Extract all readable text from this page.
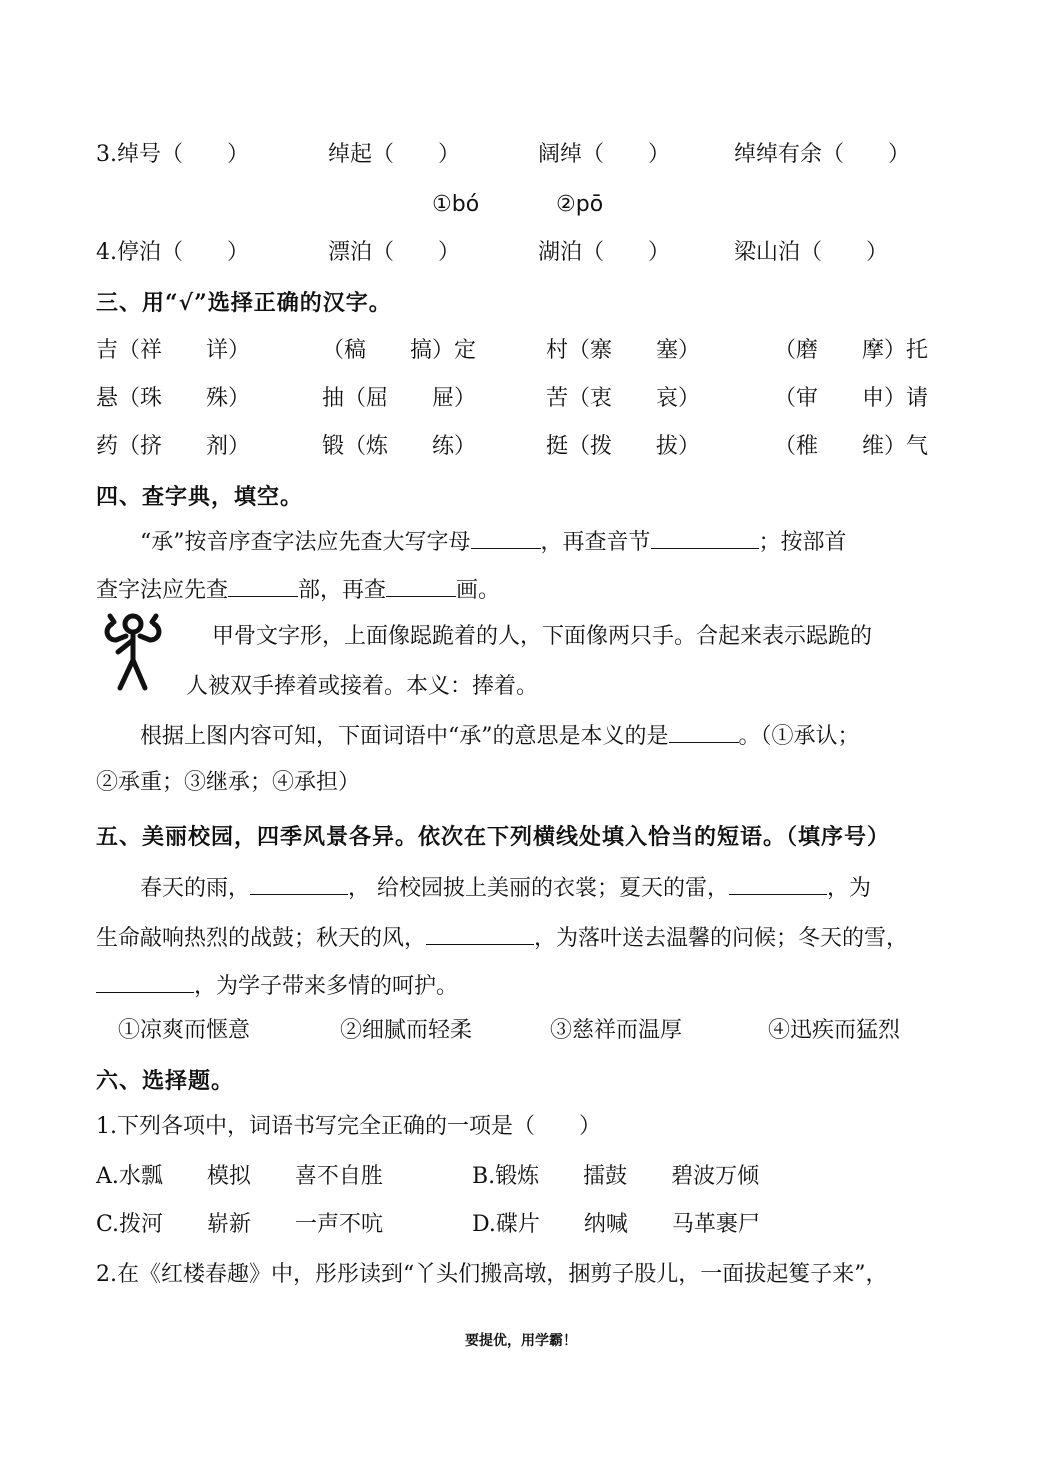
3.绰号（　　）	绰起（　　）	阔绰（　　）	绰绰有余（　　）
①bó	②pō
4.停泊（　　）	漂泊（　　）	湖泊（　　）	梁山泊（　　）
三、用“√”选择正确的汉字。
吉（祥　　详）	（稿　　搞）定	村（寨　　塞）	（磨　　摩）托
悬（珠　　殊）	抽（屈　　屉）	苦（衷　　哀）	（审　　申）请
药（挤　　剂）	锻（炼　　练）	挺（拨　　拔）	（稚　　维）气
四、查字典，填空。
“承”按音序查字法应先查大写字母	，再查音节	；按部首
查字法应先查	部，再查	画。
甲骨文字形，上面像跽跪着的人，下面像两只手。合起来表示跽跪的
人被双手捧着或接着。本义：捧着。
根据上图内容可知，下面词语中“承”的意思是本义的是	。（①承认；
②承重；③继承；④承担）
五、美丽校园，四季风景各异。依次在下列横线处填入恰当的短语。（填序号）
春天的雨，	， 给校园披上美丽的衣裳；夏天的雷，	，为
生命敲响热烈的战鼓；秋天的风，	，为落叶送去温馨的问候；冬天的雪，
，为学子带来多情的呵护。
①凉爽而惬意	②细腻而轻柔	③慈祥而温厚	④迅疾而猛烈
六、选择题。
1.下列各项中，词语书写完全正确的一项是（　　）
A.水瓢　　模拟　　喜不自胜	B.锻炼　　擂鼓　　碧波万倾
C.拨河　　崭新　　一声不吭	D.碟片　　纳喊　　马革裹尸
2.在《红楼春趣》中，彤彤读到“丫头们搬高墩，捆剪子股儿，一面拔起篗子来”，
要提优，用学霸！
